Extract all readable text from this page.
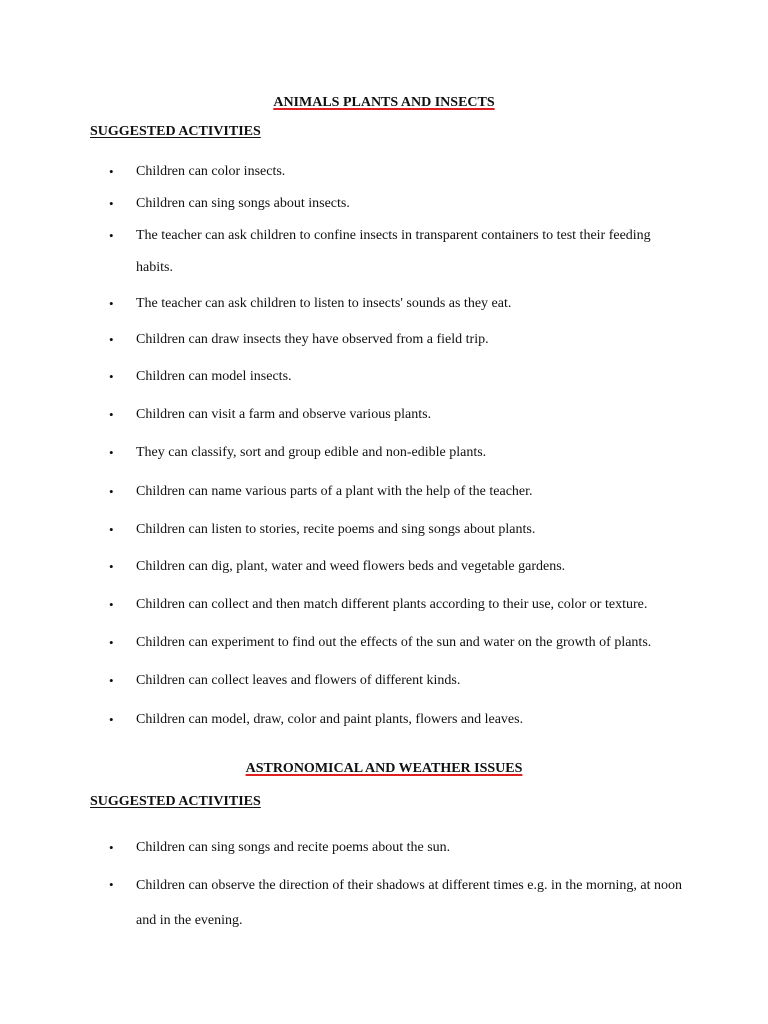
ANIMALS PLANTS AND INSECTS
SUGGESTED ACTIVITIES
• Children can color insects.
• Children can sing songs about insects.
• The teacher can ask children to confine insects in transparent containers to test their feeding habits.
• The teacher can ask children to listen to insects' sounds as they eat.
• Children can draw insects they have observed from a field trip.
• Children can model insects.
• Children can visit a farm and observe various plants.
• They can classify, sort and group edible and non-edible plants.
• Children can name various parts of a plant with the help of the teacher.
• Children can listen to stories, recite poems and sing songs about plants.
• Children can dig, plant, water and weed flowers beds and vegetable gardens.
• Children can collect and then match different plants according to their use, color or texture.
• Children can experiment to find out the effects of the sun and water on the growth of plants.
• Children can collect leaves and flowers of different kinds.
• Children can model, draw, color and paint plants, flowers and leaves.
ASTRONOMICAL AND WEATHER ISSUES
SUGGESTED ACTIVITIES
• Children can sing songs and recite poems about the sun.
• Children can observe the direction of their shadows at different times e.g. in the morning, at noon and in the evening.
